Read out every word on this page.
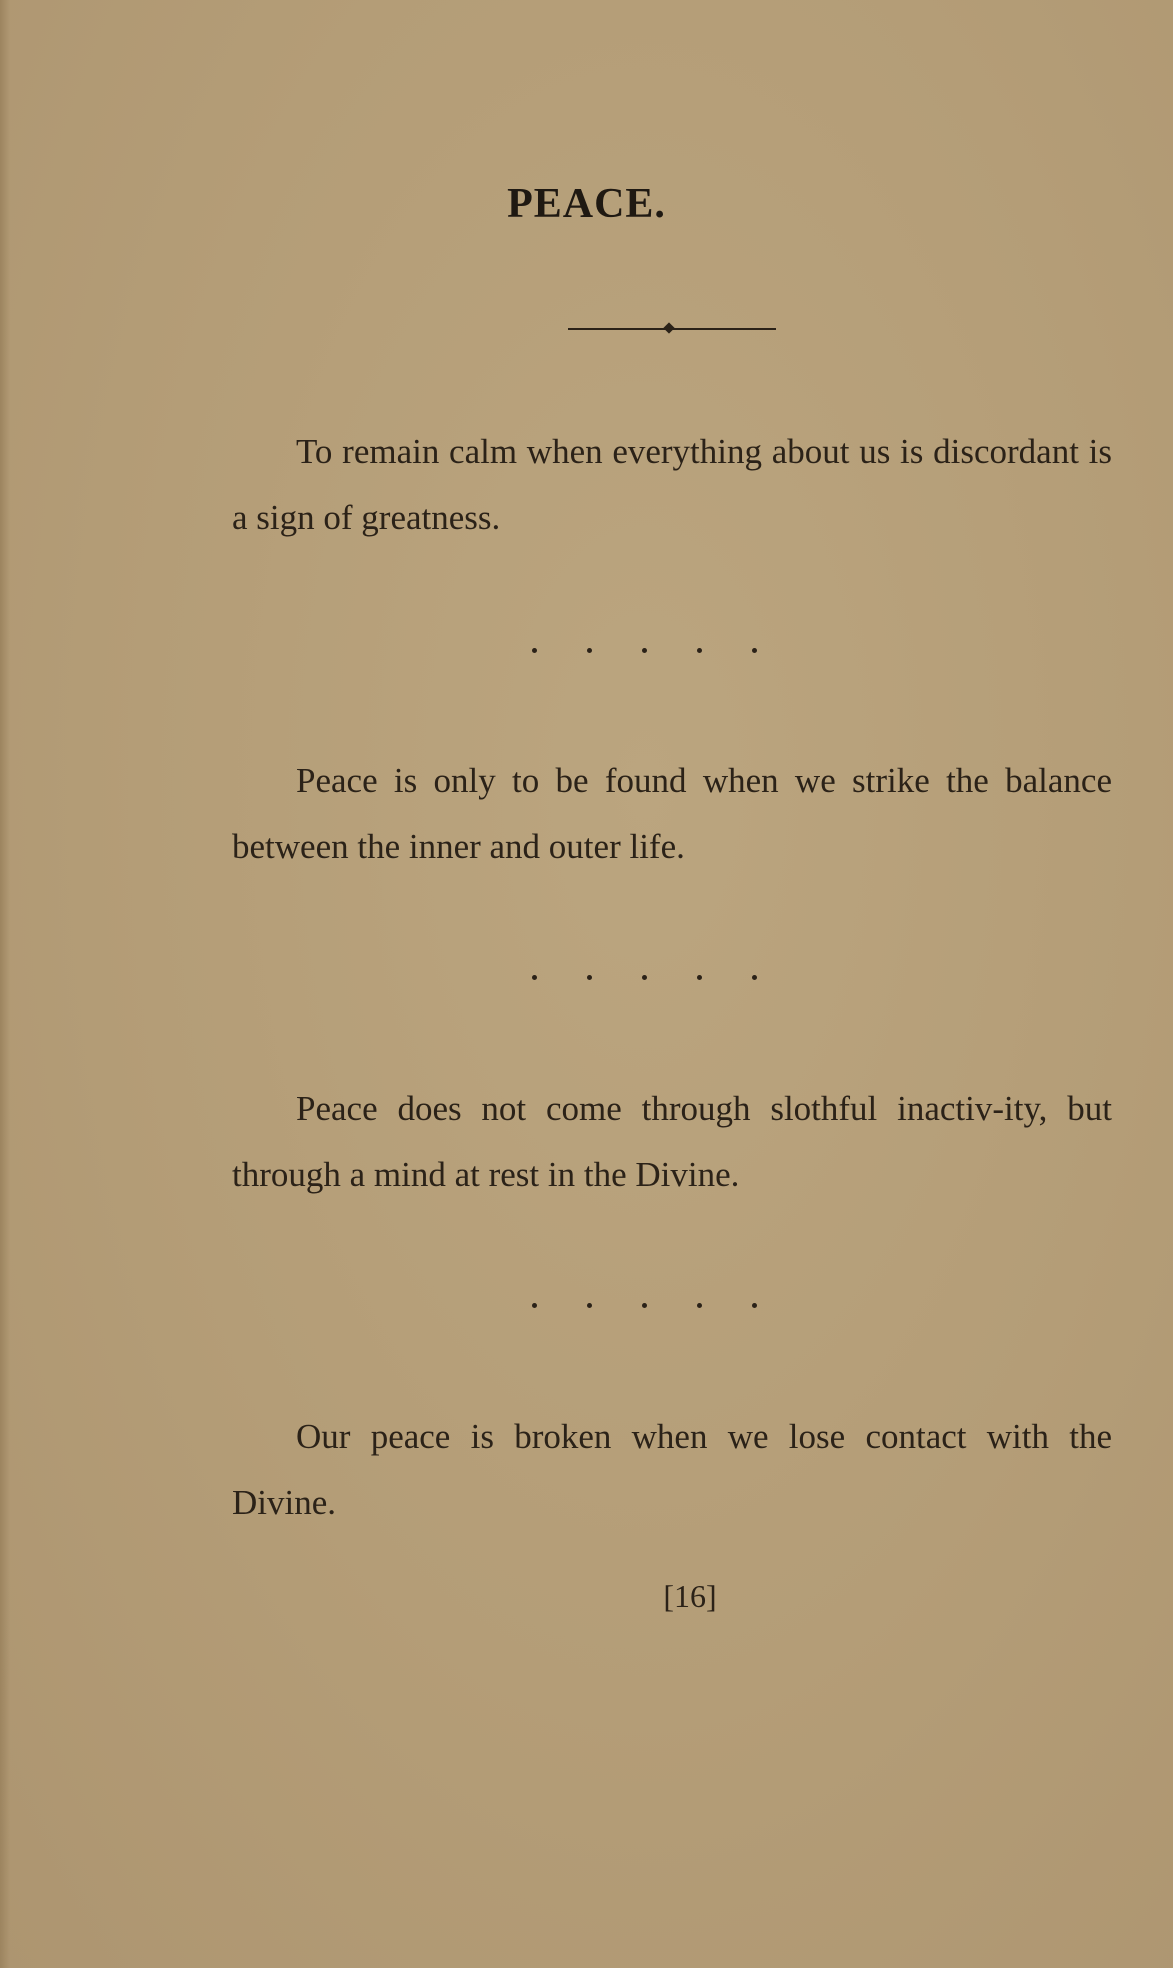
PEACE.

To remain calm when everything about us is discordant is a sign of greatness.

Peace is only to be found when we strike the balance between the inner and outer life.

Peace does not come through slothful inactiv-ity, but through a mind at rest in the Divine.

Our peace is broken when we lose contact with the Divine.

[16]
